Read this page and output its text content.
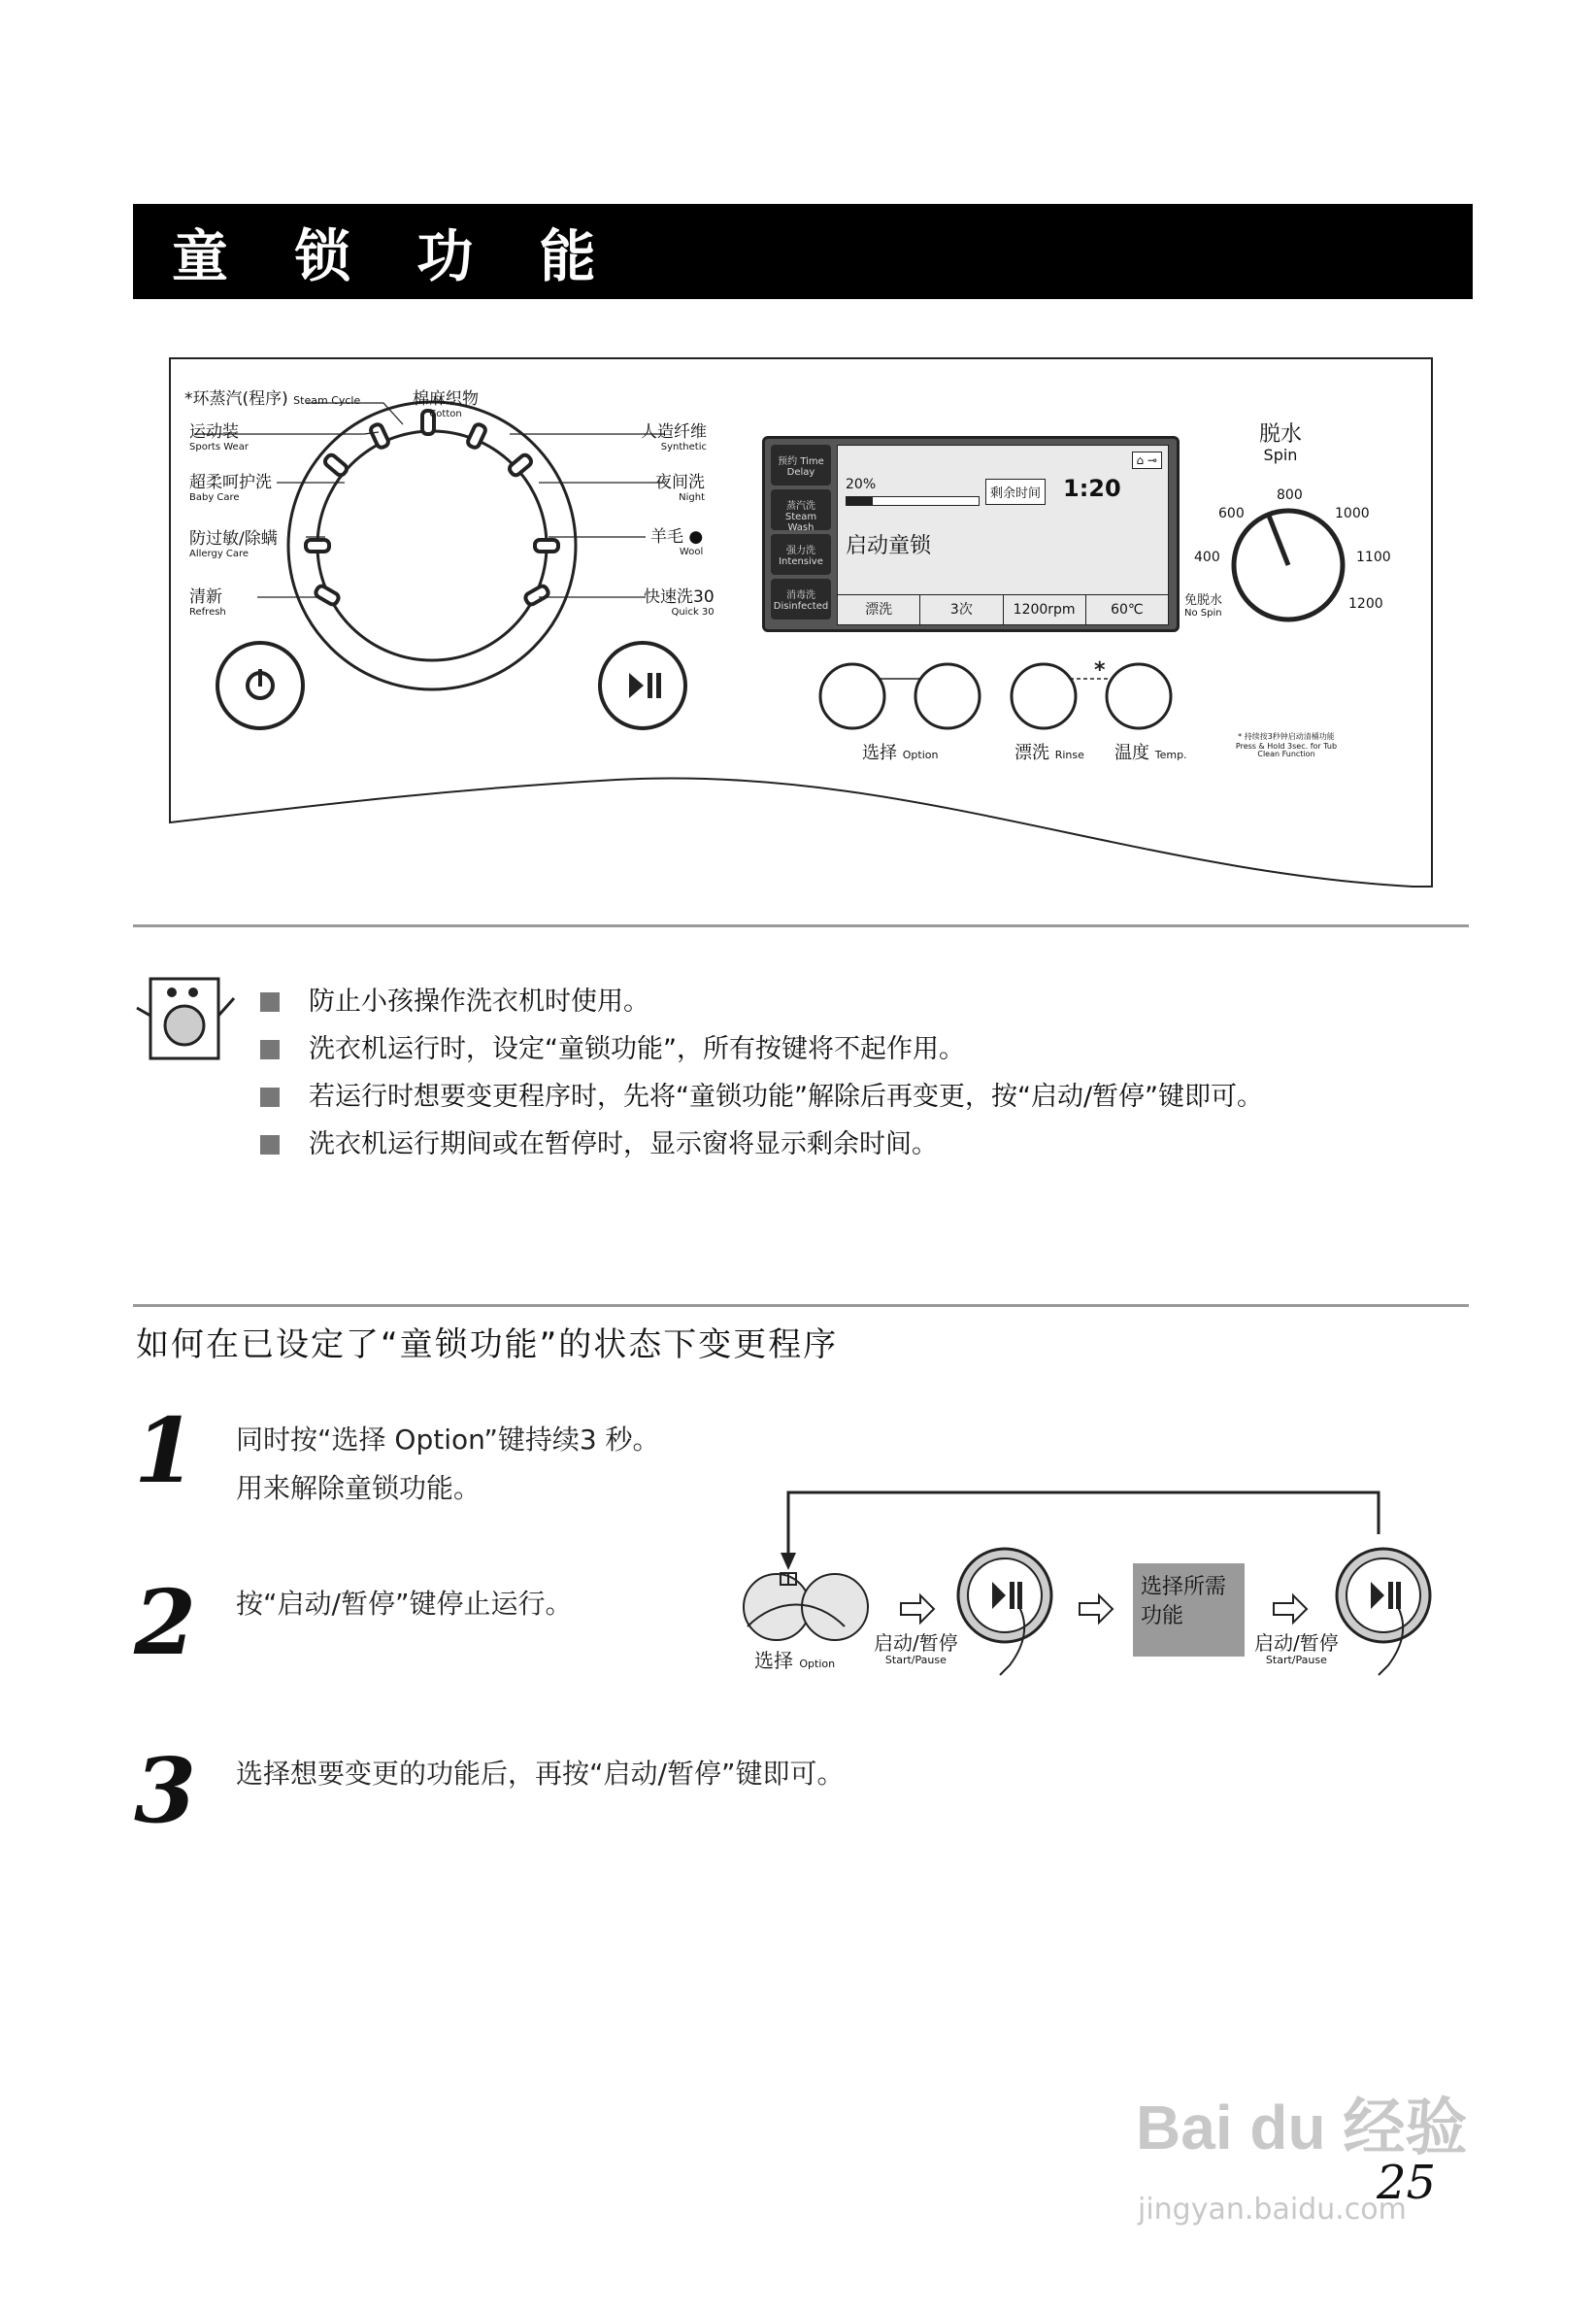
童 锁 功 能
*
*环蒸汽(程序) Steam Cycle	棉麻织物
Cotton
运动装
Sports Wear
人造纤维
Synthetic
超柔呵护洗
Baby Care
夜间洗
Night
防过敏/除螨
Allergy Care
羊毛 ●
Wool
清新
Refresh
快速洗30
Quick 30
预约 Time Delay
蒸汽洗 Steam Wash
强力洗 Intensive
消毒洗 Disinfected
⌂ ⊸
20%
剩余时间 1:20
启动童锁
漂洗	3次	1200rpm	60℃
脱水
Spin
800
600	1000
400	1100
1200
免脱水
No Spin
选择 Option	漂洗 Rinse 温度 Temp.
* 持续按3秒钟启动清桶功能
Press & Hold 3sec. for Tub Clean Function
防止小孩操作洗衣机时使用。
洗衣机运行时，设定“童锁功能”，所有按键将不起作用。
若运行时想要变更程序时，先将“童锁功能”解除后再变更，按“启动/暂停”键即可。
洗衣机运行期间或在暂停时，显示窗将显示剩余时间。
如何在已设定了“童锁功能”的状态下变更程序
1 同时按“选择 Option”键持续3 秒。
用来解除童锁功能。
2 按“启动/暂停”键停止运行。
3 选择想要变更的功能后，再按“启动/暂停”键即可。
选择 Option
启动/暂停
Start/Pause
选择所需功能
启动/暂停
Start/Pause
Bai du 经验
jingyan.baidu.com
25
